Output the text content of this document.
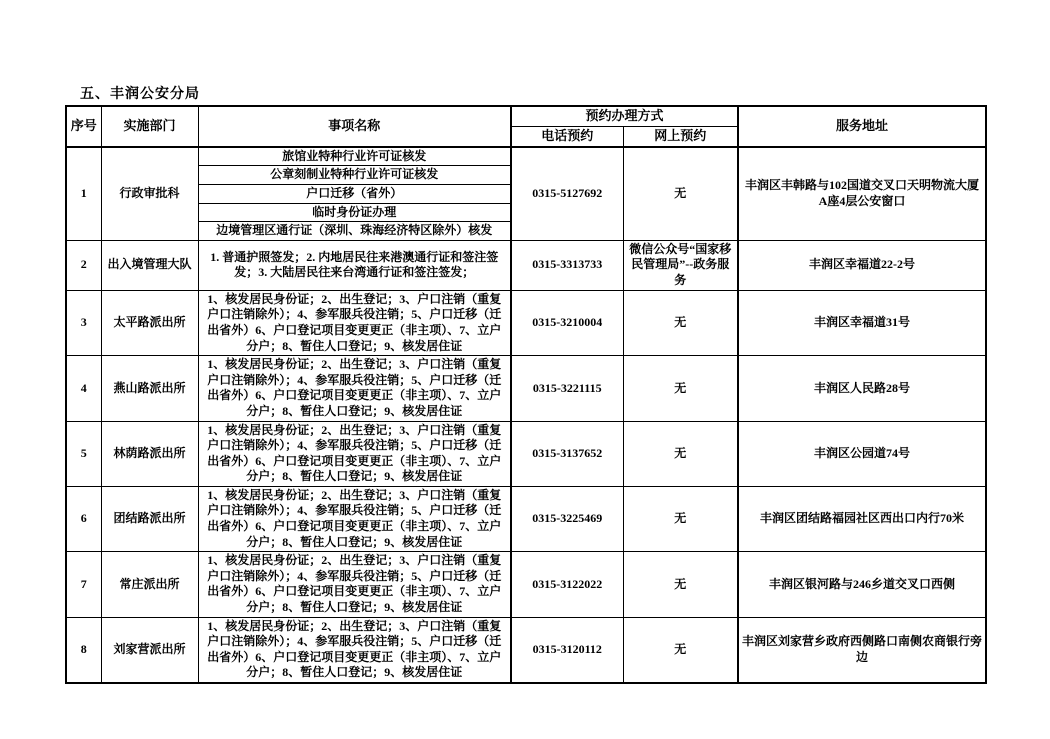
五、丰润公安分局
序号	实施部门	事项名称	预约办理方式		服务地址
			电话预约	网上预约	
1	行政审批科	旅馆业特种行业许可证核发	0315-5127692	无	丰润区丰韩路与102国道交叉口天明物流大厦A座4层公安窗口
		公章刻制业特种行业许可证核发			
		户口迁移（省外）			
		临时身份证办理			
		边境管理区通行证（深圳、珠海经济特区除外）核发			
2	出入境管理大队	1. 普通护照签发；2. 内地居民往来港澳通行证和签注签发；3. 大陆居民往来台湾通行证和签注签发；	0315-3313733	微信公众号“国家移民管理局”--政务服务	丰润区幸福道22-2号
3	太平路派出所	1、核发居民身份证；2、出生登记；3、户口注销（重复户口注销除外）；4、参军服兵役注销；5、户口迁移（迁出省外）6、户口登记项目变更更正（非主项）、7、立户分户；8、暂住人口登记；9、核发居住证	0315-3210004	无	丰润区幸福道31号
4	燕山路派出所	1、核发居民身份证；2、出生登记；3、户口注销（重复户口注销除外）；4、参军服兵役注销；5、户口迁移（迁出省外）6、户口登记项目变更更正（非主项）、7、立户分户；8、暂住人口登记；9、核发居住证	0315-3221115	无	丰润区人民路28号
5	林荫路派出所	1、核发居民身份证；2、出生登记；3、户口注销（重复户口注销除外）；4、参军服兵役注销；5、户口迁移（迁出省外）6、户口登记项目变更更正（非主项）、7、立户分户；8、暂住人口登记；9、核发居住证	0315-3137652	无	丰润区公园道74号
6	团结路派出所	1、核发居民身份证；2、出生登记；3、户口注销（重复户口注销除外）；4、参军服兵役注销；5、户口迁移（迁出省外）6、户口登记项目变更更正（非主项）、7、立户分户；8、暂住人口登记；9、核发居住证	0315-3225469	无	丰润区团结路福园社区西出口内行70米
7	常庄派出所	1、核发居民身份证；2、出生登记；3、户口注销（重复户口注销除外）；4、参军服兵役注销；5、户口迁移（迁出省外）6、户口登记项目变更更正（非主项）、7、立户分户；8、暂住人口登记；9、核发居住证	0315-3122022	无	丰润区银河路与246乡道交叉口西侧
8	刘家营派出所	1、核发居民身份证；2、出生登记；3、户口注销（重复户口注销除外）；4、参军服兵役注销；5、户口迁移（迁出省外）6、户口登记项目变更更正（非主项）、7、立户分户；8、暂住人口登记；9、核发居住证	0315-3120112	无	丰润区刘家营乡政府西侧路口南侧农商银行旁边
